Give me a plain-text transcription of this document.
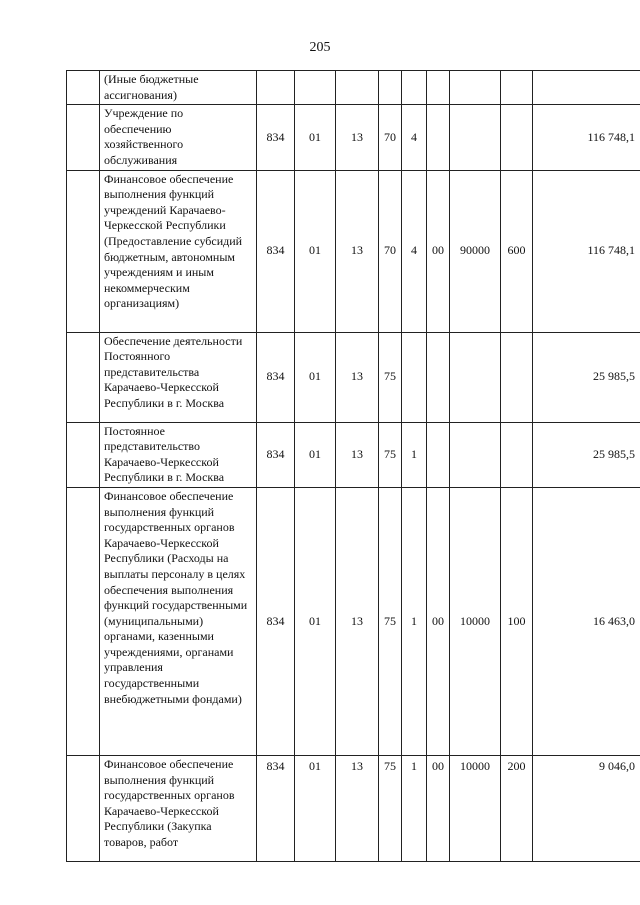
205
	(Иные бюджетные ассигнования)									
	Учреждение по обеспечению хозяйственного обслуживания	834	01	13	70	4				116 748,1
	Финансовое обеспечение выполнения функций учреждений Карачаево-Черкесской Республики (Предоставление субсидий бюджетным, автономным учреждениям и иным некоммерческим организациям)	834	01	13	70	4	00	90000	600	116 748,1
	Обеспечение деятельности Постоянного представительства Карачаево-Черкесской Республики в г. Москва	834	01	13	75					25 985,5
	Постоянное представительство Карачаево-Черкесской Республики в г. Москва	834	01	13	75	1				25 985,5
	Финансовое обеспечение выполнения функций государственных органов Карачаево-Черкесской Республики (Расходы на выплаты персоналу в целях обеспечения выполнения функций государственными (муниципальными) органами, казенными учреждениями, органами управления государственными внебюджетными фондами)	834	01	13	75	1	00	10000	100	16 463,0
	Финансовое обеспечение выполнения функций государственных органов Карачаево-Черкесской Республики (Закупка товаров, работ	834	01	13	75	1	00	10000	200	9 046,0
